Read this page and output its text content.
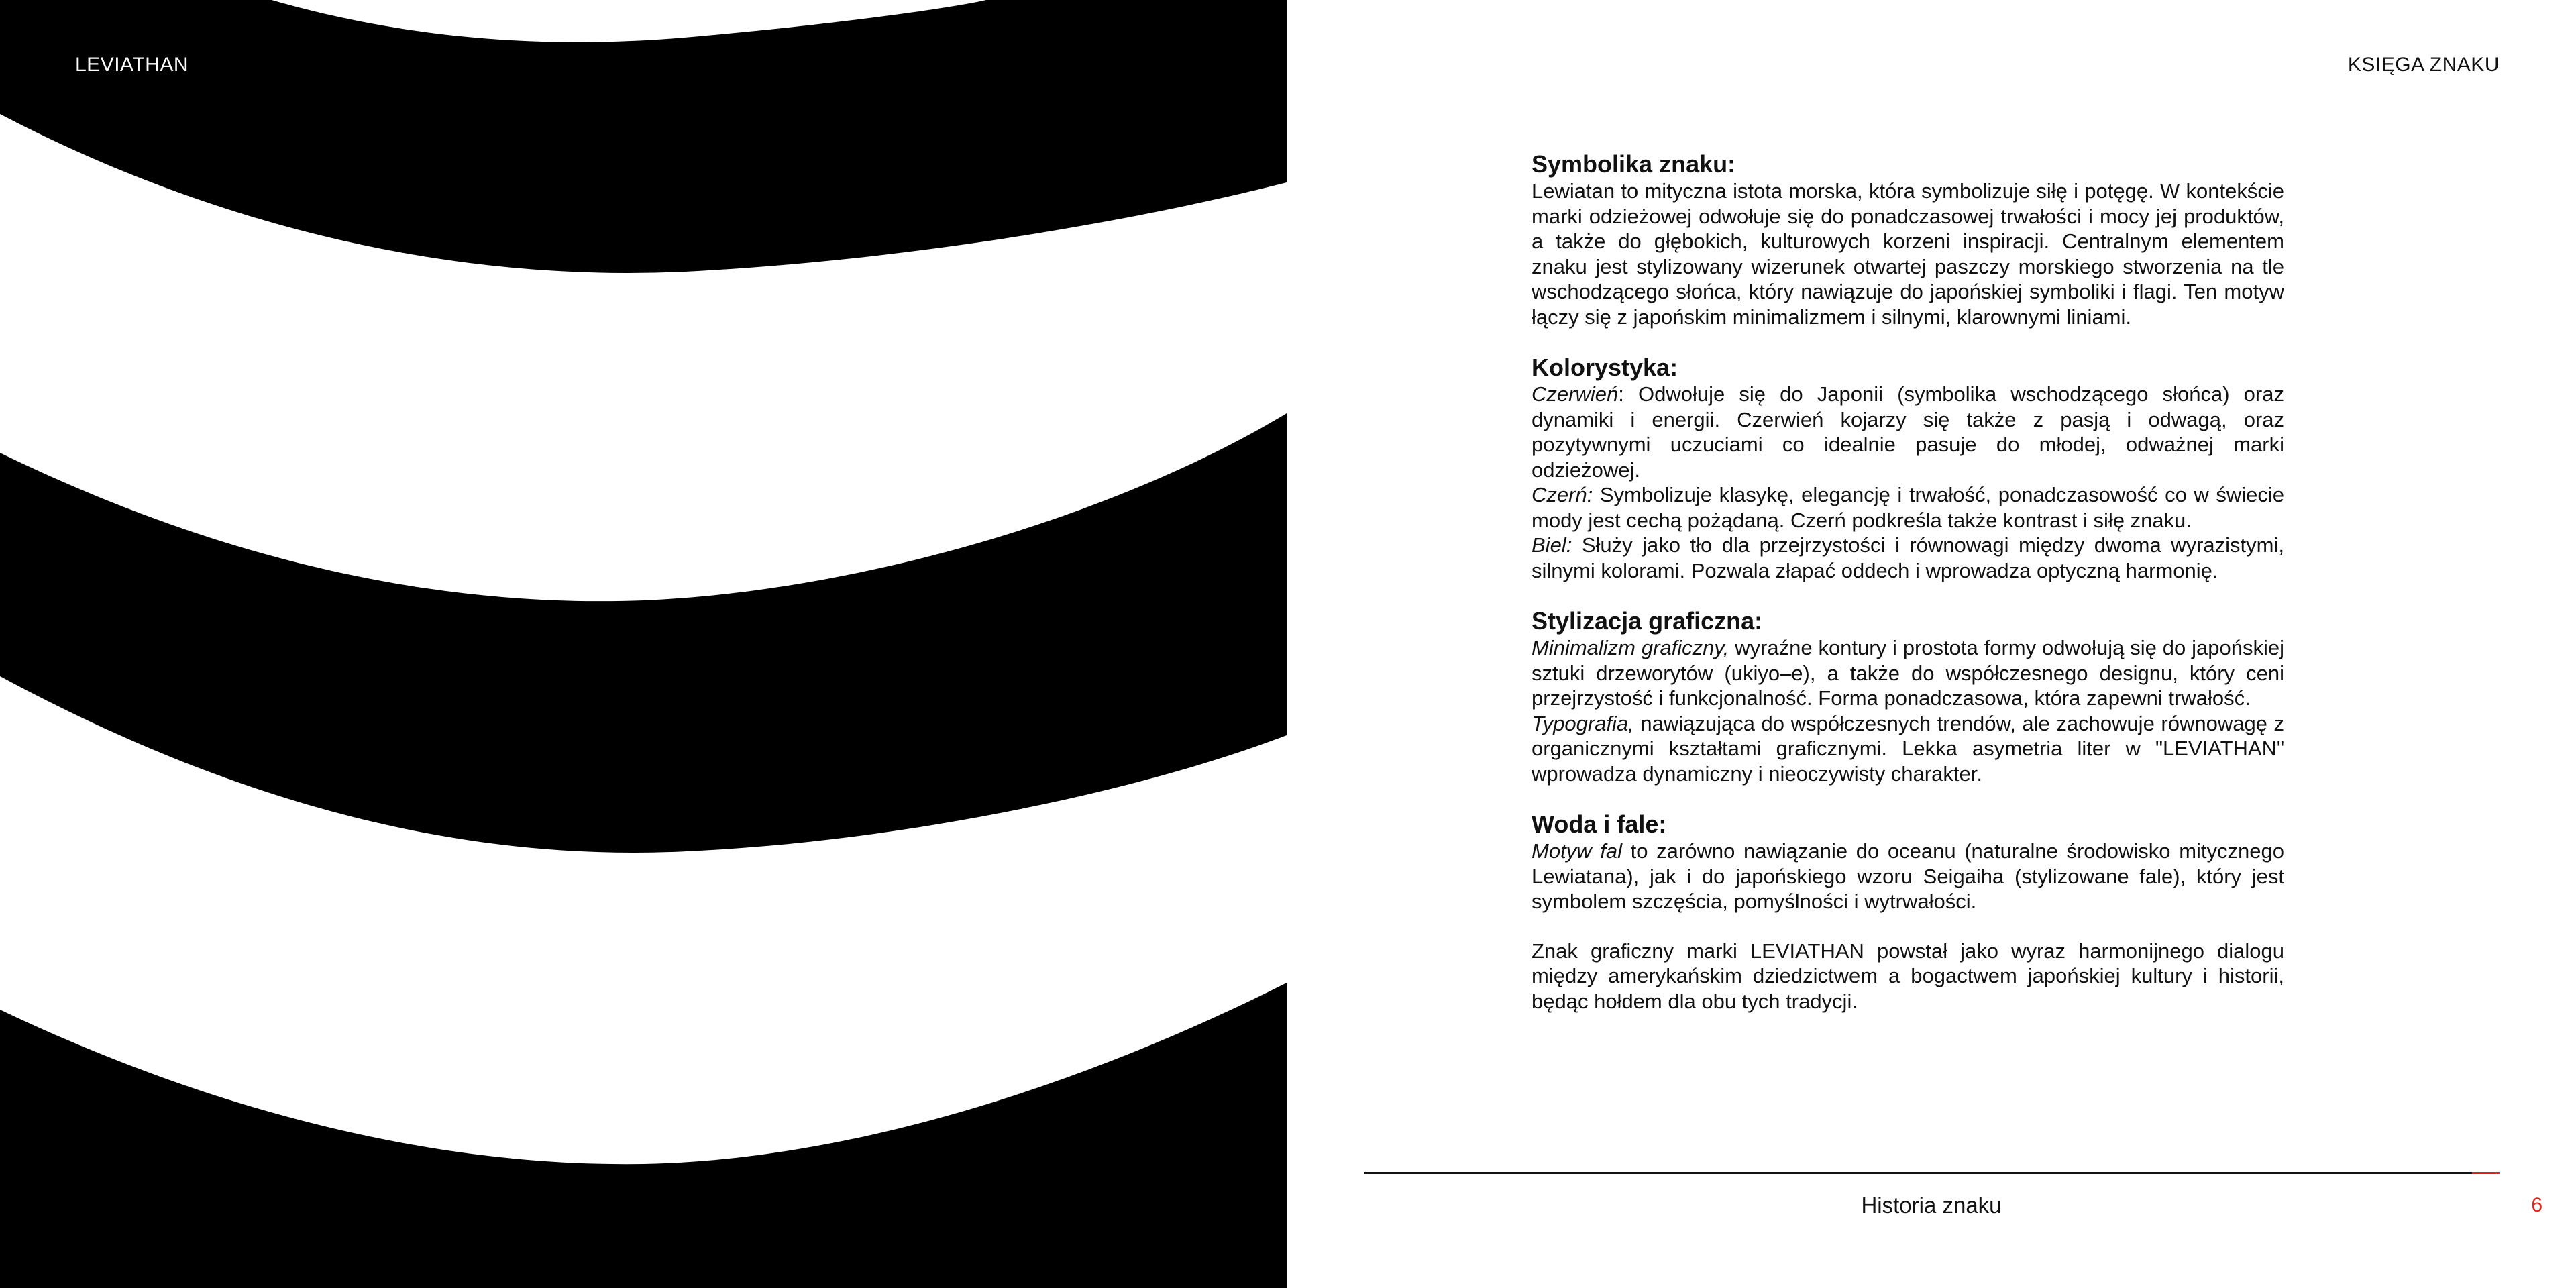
LEVIATHAN	KSIĘGA ZNAKU
Symbolika znaku:

Lewiatan to mityczna istota morska, która symbolizuje siłę i potęgę. W kontekście marki odzieżowej odwołuje się do ponadczasowej trwałości i mocy jej produktów, a także do głębokich, kulturowych korzeni inspiracji. Centralnym elementem znaku jest stylizowany wizerunek otwartej paszczy morskiego stworzenia na tle wschodzącego słońca, który nawiązuje do japońskiej symboliki i flagi. Ten motyw łączy się z japońskim minimalizmem i silnymi, klarownymi liniami.

Kolorystyka:

Czerwień: Odwołuje się do Japonii (symbolika wschodzącego słońca) oraz dynamiki i energii. Czerwień kojarzy się także z pasją i odwagą, oraz pozytywnymi uczuciami co idealnie pasuje do młodej, odważnej marki odzieżowej.

Czerń: Symbolizuje klasykę, elegancję i trwałość, ponadczasowość co w świecie mody jest cechą pożądaną. Czerń podkreśla także kontrast i siłę znaku.

Biel: Służy jako tło dla przejrzystości i równowagi między dwoma wyrazistymi, silnymi kolorami. Pozwala złapać oddech i wprowadza optyczną harmonię.

Stylizacja graficzna:

Minimalizm graficzny, wyraźne kontury i prostota formy odwołują się do japońskiej sztuki drzeworytów (ukiyo–e), a także do współczesnego designu, który ceni przejrzystość i funkcjonalność. Forma ponadczasowa, która zapewni trwałość.

Typografia, nawiązująca do współczesnych trendów, ale zachowuje równowagę z organicznymi kształtami graficznymi. Lekka asymetria liter w "LEVIATHAN" wprowadza dynamiczny i nieoczywisty charakter.

Woda i fale:

Motyw fal to zarówno nawiązanie do oceanu (naturalne środowisko mitycznego Lewiatana), jak i do japońskiego wzoru Seigaiha (stylizowane fale), który jest symbolem szczęścia, pomyślności i wytrwałości.

Znak graficzny marki LEVIATHAN powstał jako wyraz harmonijnego dialogu między amerykańskim dziedzictwem a bogactwem japońskiej kultury i historii, będąc hołdem dla obu tych tradycji.

Historia znaku	6
